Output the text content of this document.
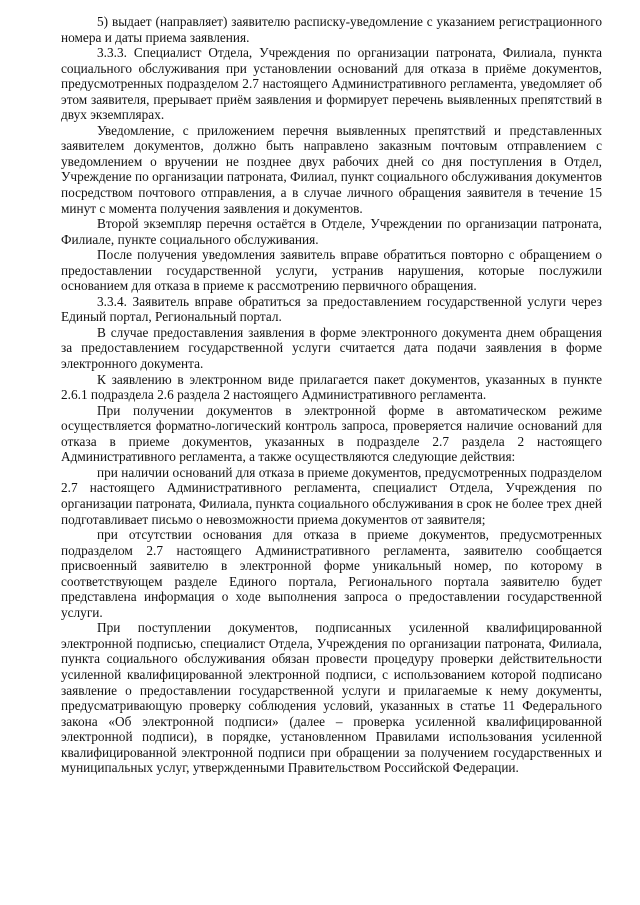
5) выдает (направляет) заявителю расписку-уведомление с указанием регистрационного номера и даты приема заявления.

3.3.3. Специалист Отдела, Учреждения по организации патроната, Филиала, пункта социального обслуживания при установлении оснований для отказа в приёме документов, предусмотренных подразделом 2.7 настоящего Административного регламента, уведомляет об этом заявителя, прерывает приём заявления и формирует перечень выявленных препятствий в двух экземплярах.

Уведомление, с приложением перечня выявленных препятствий и представленных заявителем документов, должно быть направлено заказным почтовым отправлением с уведомлением о вручении не позднее двух рабочих дней со дня поступления в Отдел, Учреждение по организации патроната, Филиал, пункт социального обслуживания документов посредством почтового отправления, а в случае личного обращения заявителя в течение 15 минут с момента получения заявления и документов.

Второй экземпляр перечня остаётся в Отделе, Учреждении по организации патроната, Филиале, пункте социального обслуживания.

После получения уведомления заявитель вправе обратиться повторно с обращением о предоставлении государственной услуги, устранив нарушения, которые послужили основанием для отказа в приеме к рассмотрению первичного обращения.

3.3.4. Заявитель вправе обратиться за предоставлением государственной услуги через Единый портал, Региональный портал.

В случае предоставления заявления в форме электронного документа днем обращения за предоставлением государственной услуги считается дата подачи заявления в форме электронного документа.

К заявлению в электронном виде прилагается пакет документов, указанных в пункте 2.6.1 подраздела 2.6 раздела 2 настоящего Административного регламента.

При получении документов в электронной форме в автоматическом режиме осуществляется форматно-логический контроль запроса, проверяется наличие оснований для отказа в приеме документов, указанных в подразделе 2.7 раздела 2 настоящего Административного регламента, а также осуществляются следующие действия:

при наличии оснований для отказа в приеме документов, предусмотренных подразделом 2.7 настоящего Административного регламента, специалист Отдела, Учреждения по организации патроната, Филиала, пункта социального обслуживания в срок не более трех дней подготавливает письмо о невозможности приема документов от заявителя;

при отсутствии основания для отказа в приеме документов, предусмотренных подразделом 2.7 настоящего Административного регламента, заявителю сообщается присвоенный заявителю в электронной форме уникальный номер, по которому в соответствующем разделе Единого портала, Регионального портала заявителю будет представлена информация о ходе выполнения запроса о предоставлении государственной услуги.

При поступлении документов, подписанных усиленной квалифицированной электронной подписью, специалист Отдела, Учреждения по организации патроната, Филиала, пункта социального обслуживания обязан провести процедуру проверки действительности усиленной квалифицированной электронной подписи, с использованием которой подписано заявление о предоставлении государственной услуги и прилагаемые к нему документы, предусматривающую проверку соблюдения условий, указанных в статье 11 Федерального закона «Об электронной подписи» (далее – проверка усиленной квалифицированной электронной подписи), в порядке, установленном Правилами использования усиленной квалифицированной электронной подписи при обращении за получением государственных и муниципальных услуг, утвержденными Правительством Российской Федерации.
